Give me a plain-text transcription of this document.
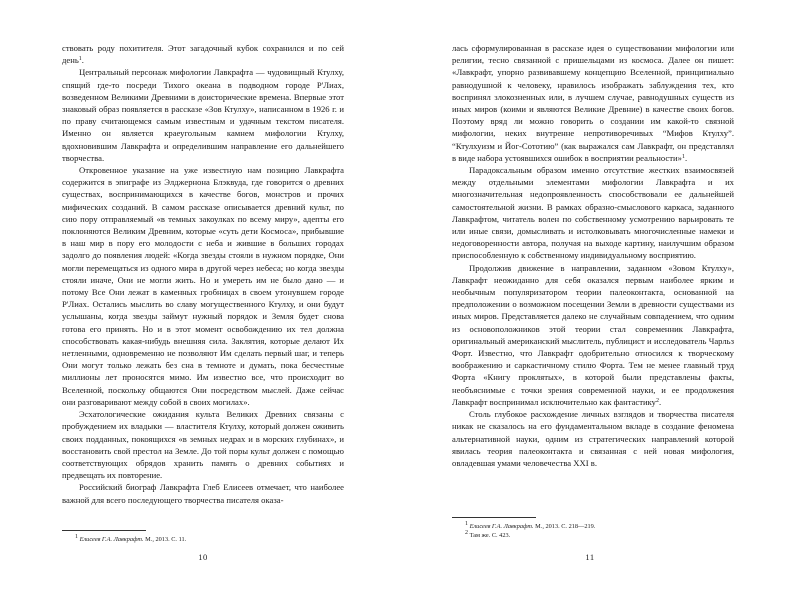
ствовать роду похитителя. Этот загадочный кубок сохранился и по сей день$^1$.

Центральный персонаж мифологии Лавкрафта — чудовищный Ктулху, спящий где-то посреди Тихого океана в подводном городе Р'Лиах, возведенном Великими Древними в доисторические времена. Впервые этот знаковый образ появляется в рассказе «Зов Ктулху», написанном в 1926 г. и по праву считающемся самым известным и удачным текстом писателя. Именно он является краеугольным камнем мифологии Ктулху, вдохновившим Лавкрафта и определившим направление его дальнейшего творчества.

Откровенное указание на уже известную нам позицию Лавкрафта содержится в эпиграфе из Элджернона Блэквуда, где говорится о древних существах, воспринимающихся в качестве богов, монстров и прочих мифических созданий. В самом рассказе описывается древний культ, по сию пору отправляемый «в темных закоулках по всему миру», адепты его поклоняются Великим Древним, которые «суть дети Космоса», прибывшие в наш мир в пору его молодости с неба и жившие в больших городах задолго до появления людей: «Когда звезды стояли в нужном порядке, Они могли перемещаться из одного мира в другой через небеса; но когда звезды стояли иначе, Они не могли жить. Но и умереть им не было дано — и потому Все Они лежат в каменных гробницах в своем утонувшем городе Р'Лиах. Остались мыслить во славу могущественного Ктулху, и они будут услышаны, когда звезды займут нужный порядок и Земля будет снова готова его принять. Но и в этот момент освобождению их тел должна способствовать какая-нибудь внешняя сила. Заклятия, которые делают Их нетленными, одновременно не позволяют Им сделать первый шаг, и теперь Они могут только лежать без сна в темноте и думать, пока бесчестные миллионы лет проносятся мимо. Им известно все, что происходит во Вселенной, поскольку общаются Они посредством мыслей. Даже сейчас они разговаривают между собой в своих могилах».

Эсхатологические ожидания культа Великих Древних связаны с пробуждением их владыки — властителя Ктулху, который должен оживить своих подданных, покоящихся «в земных недрах и в морских глубинах», и восстановить свой престол на Земле. До той поры культ должен с помощью соответствующих обрядов хранить память о древних событиях и предвещать их повторение.

Российский биограф Лавкрафта Глеб Елисеев отмечает, что наиболее важной для всего последующего творчества писателя оказа-

$^1$ Елисеев Г.А. Лавкрафт. М., 2013. С. 11.

10

лась сформулированная в рассказе идея о существовании мифологии или религии, тесно связанной с пришельцами из космоса. Далее он пишет: «Лавкрафт, упорно развивавшему концепцию Вселенной, принципиально равнодушной к человеку, нравилось изображать заблуждения тех, кто воспринял злокозненных или, в лучшем случае, равнодушных существ из иных миров (коими и являются Великие Древние) в качестве своих богов. Поэтому вряд ли можно говорить о создании им какой-то связной мифологии, неких внутренне непротиворечивых “Мифов Ктулху”. “Ктулхуизм и Йог-Сототию” (как выражался сам Лавкрафт, он представлял в виде набора устоявшихся ошибок в восприятии реальности»$^1$.

Парадоксальным образом именно отсутствие жестких взаимосвязей между отдельными элементами мифологии Лавкрафта и их многозначительная недопроявленность способствовали ее дальнейшей самостоятельной жизни. В рамках образно-смыслового каркаса, заданного Лавкрафтом, читатель волен по собственному усмотрению варьировать те или иные связи, домысливать и истолковывать многочисленные намеки и недоговоренности автора, получая на выходе картину, наилучшим образом приспособленную к собственному индивидуальному восприятию.

Продолжив движение в направлении, заданном «Зовом Ктулху», Лавкрафт неожиданно для себя оказался первым наиболее ярким и необычным популяризатором теории палеоконтакта, основанной на предположении о возможном посещении Земли в древности существами из иных миров. Представляется далеко не случайным совпадением, что одним из основоположников этой теории стал современник Лавкрафта, оригинальный американский мыслитель, публицист и исследователь Чарльз Форт. Известно, что Лавкрафт одобрительно относился к творческому воображению и саркастичному стилю Форта. Тем не менее главный труд Форта «Книгу проклятых», в которой были представлены факты, необъяснимые с точки зрения современной науки, и ее продолжения Лавкрафт воспринимал исключительно как фантастику$^2$.

Столь глубокое расхождение личных взглядов и творчества писателя никак не сказалось на его фундаментальном вкладе в создание феномена альтернативной науки, одним из стратегических направлений которой явилась теория палеоконтакта и связанная с ней новая мифология, овладевшая умами человечества XXI в.

$^1$ Елисеев Г.А. Лавкрафт. М., 2013. С. 218—219.

$^2$ Там же. С. 423.

11
